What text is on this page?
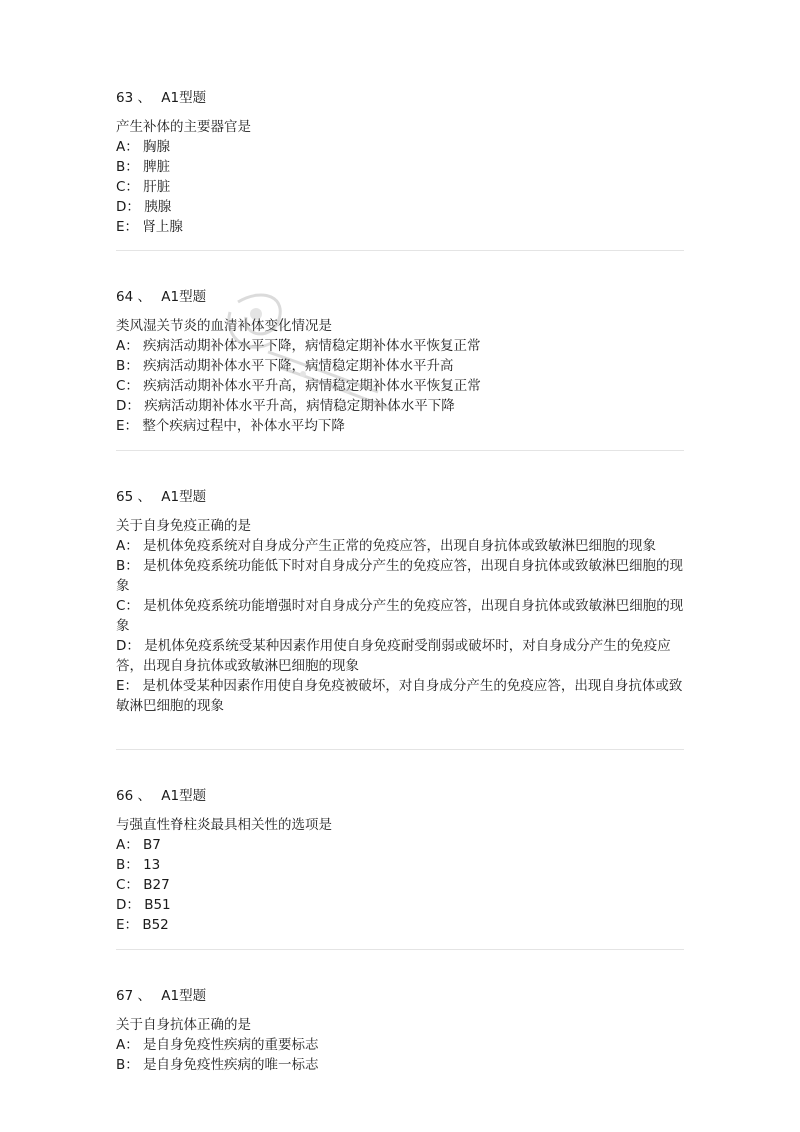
63 、 A1型题

产生补体的主要器官是

A： 胸腺

B： 脾脏

C： 肝脏

D： 胰腺

E： 肾上腺

64 、 A1型题

类风湿关节炎的血清补体变化情况是

A： 疾病活动期补体水平下降，病情稳定期补体水平恢复正常

B： 疾病活动期补体水平下降，病情稳定期补体水平升高

C： 疾病活动期补体水平升高，病情稳定期补体水平恢复正常

D： 疾病活动期补体水平升高，病情稳定期补体水平下降

E： 整个疾病过程中，补体水平均下降

65 、 A1型题

关于自身免疫正确的是

A： 是机体免疫系统对自身成分产生正常的免疫应答，出现自身抗体或致敏淋巴细胞的现象

B： 是机体免疫系统功能低下时对自身成分产生的免疫应答，出现自身抗体或致敏淋巴细胞的现象

C： 是机体免疫系统功能增强时对自身成分产生的免疫应答，出现自身抗体或致敏淋巴细胞的现象

D： 是机体免疫系统受某种因素作用使自身免疫耐受削弱或破坏时，对自身成分产生的免疫应答，出现自身抗体或致敏淋巴细胞的现象

E： 是机体受某种因素作用使自身免疫被破坏，对自身成分产生的免疫应答，出现自身抗体或致敏淋巴细胞的现象

66 、 A1型题

与强直性脊柱炎最具相关性的选项是

A： B7

B： 13

C： B27

D： B51

E： B52

67 、 A1型题

关于自身抗体正确的是

A： 是自身免疫性疾病的重要标志

B： 是自身免疫性疾病的唯一标志
